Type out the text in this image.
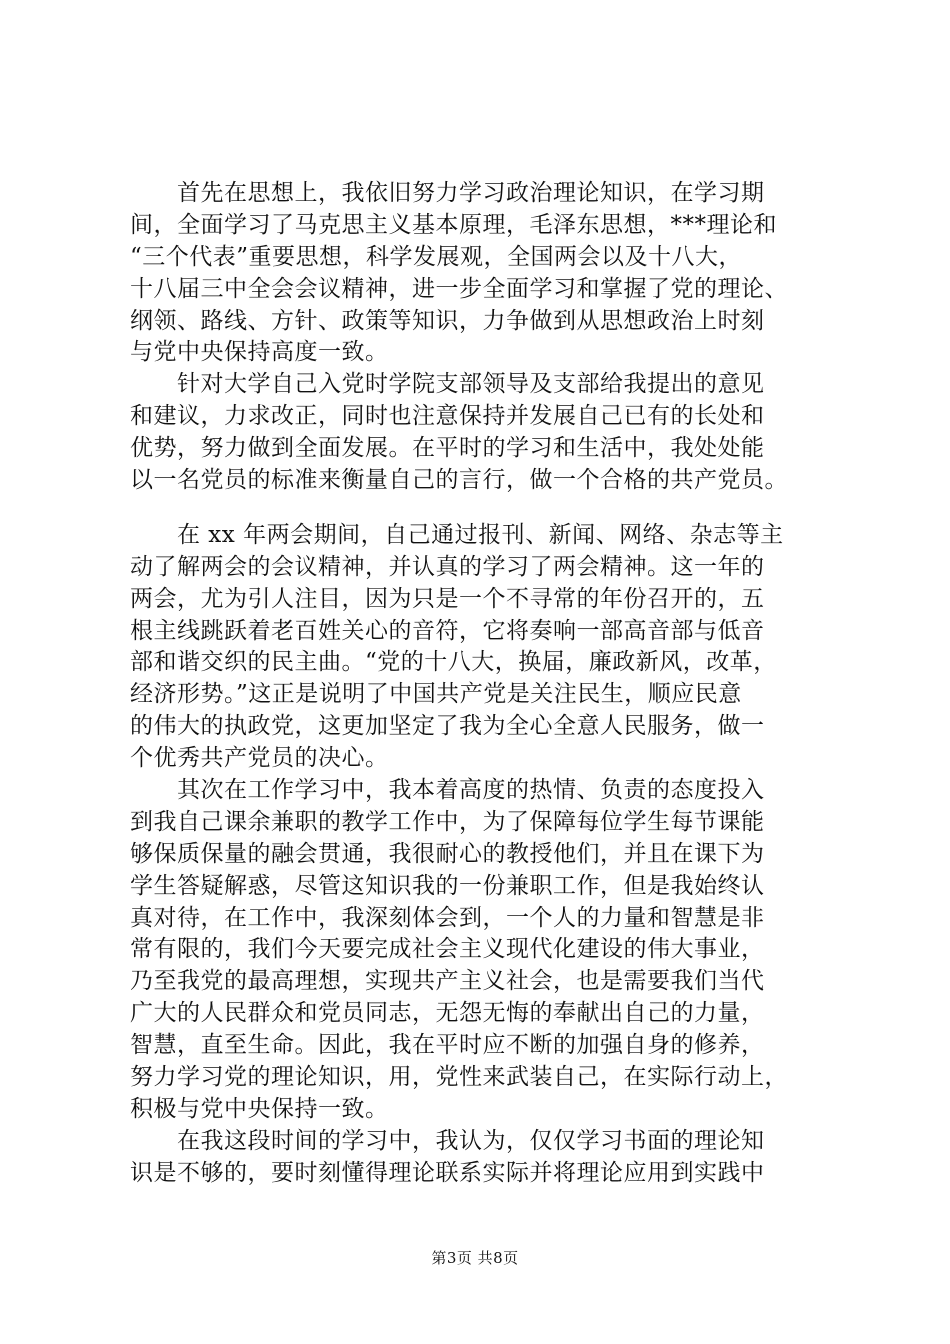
　　首先在思想上，我依旧努力学习政治理论知识，在学习期
间，全面学习了马克思主义基本原理，毛泽东思想，***理论和
“三个代表”重要思想，科学发展观，全国两会以及十八大，
十八届三中全会会议精神，进一步全面学习和掌握了党的理论、
纲领、路线、方针、政策等知识，力争做到从思想政治上时刻
与党中央保持高度一致。
　　针对大学自己入党时学院支部领导及支部给我提出的意见
和建议，力求改正，同时也注意保持并发展自己已有的长处和
优势，努力做到全面发展。在平时的学习和生活中，我处处能
以一名党员的标准来衡量自己的言行，做一个合格的共产党员。
　　在 xx 年两会期间，自己通过报刊、新闻、网络、杂志等主
动了解两会的会议精神，并认真的学习了两会精神。这一年的
两会，尤为引人注目，因为只是一个不寻常的年份召开的，五
根主线跳跃着老百姓关心的音符，它将奏响一部高音部与低音
部和谐交织的民主曲。“党的十八大，换届，廉政新风，改革，
经济形势。”这正是说明了中国共产党是关注民生，顺应民意
的伟大的执政党，这更加坚定了我为全心全意人民服务，做一
个优秀共产党员的决心。
　　其次在工作学习中，我本着高度的热情、负责的态度投入
到我自己课余兼职的教学工作中，为了保障每位学生每节课能
够保质保量的融会贯通，我很耐心的教授他们，并且在课下为
学生答疑解惑，尽管这知识我的一份兼职工作，但是我始终认
真对待，在工作中，我深刻体会到，一个人的力量和智慧是非
常有限的，我们今天要完成社会主义现代化建设的伟大事业，
乃至我党的最高理想，实现共产主义社会，也是需要我们当代
广大的人民群众和党员同志，无怨无悔的奉献出自己的力量，
智慧，直至生命。因此，我在平时应不断的加强自身的修养，
努力学习党的理论知识，用，党性来武装自己，在实际行动上，
积极与党中央保持一致。
　　在我这段时间的学习中，我认为，仅仅学习书面的理论知
识是不够的，要时刻懂得理论联系实际并将理论应用到实践中
第3页 共8页
